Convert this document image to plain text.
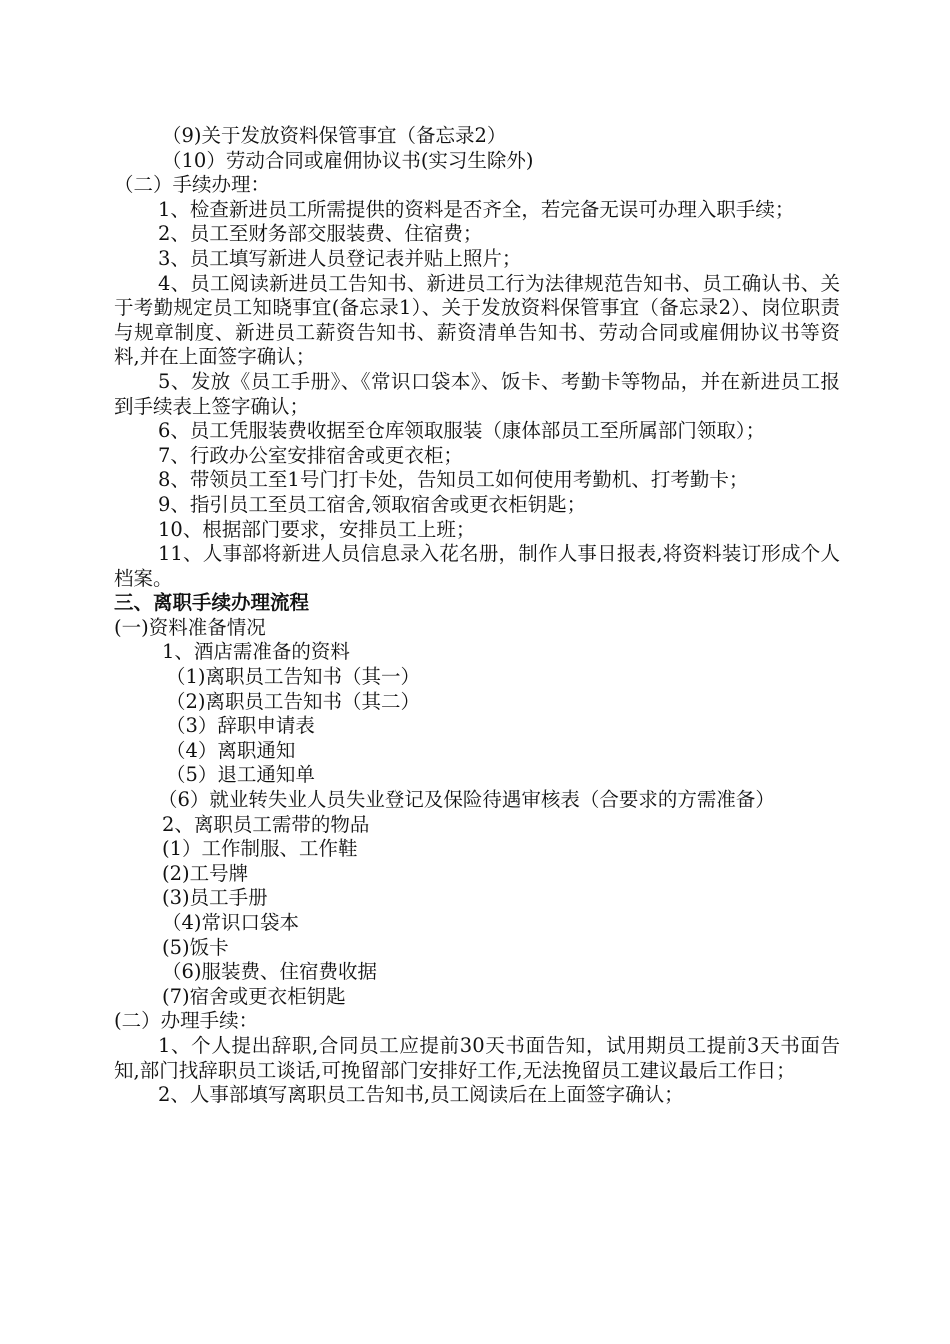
（9)关于发放资料保管事宜（备忘录2）

（10）劳动合同或雇佣协议书(实习生除外)

（二）手续办理：

1、检查新进员工所需提供的资料是否齐全，若完备无误可办理入职手续；

2、员工至财务部交服装费、住宿费；

3、员工填写新进人员登记表并贴上照片；

4、员工阅读新进员工告知书、新进员工行为法律规范告知书、员工确认书、关于考勤规定员工知晓事宜(备忘录1）、关于发放资料保管事宜（备忘录2）、岗位职责与规章制度、新进员工薪资告知书、薪资清单告知书、劳动合同或雇佣协议书等资料,并在上面签字确认；

5、发放《员工手册》、《常识口袋本》、饭卡、考勤卡等物品，并在新进员工报到手续表上签字确认；

6、员工凭服装费收据至仓库领取服装（康体部员工至所属部门领取）；

7、行政办公室安排宿舍或更衣柜；

8、带领员工至1号门打卡处，告知员工如何使用考勤机、打考勤卡；

9、指引员工至员工宿舍,领取宿舍或更衣柜钥匙；

10、根据部门要求，安排员工上班；

11、人事部将新进人员信息录入花名册，制作人事日报表,将资料装订形成个人档案。

三、离职手续办理流程

(一)资料准备情况

1、酒店需准备的资料

（1)离职员工告知书（其一）

（2)离职员工告知书（其二）

（3）辞职申请表

（4）离职通知

（5）退工通知单

（6）就业转失业人员失业登记及保险待遇审核表（合要求的方需准备）

2、离职员工需带的物品

(1）工作制服、工作鞋

(2)工号牌

(3)员工手册

（4)常识口袋本

(5)饭卡

（6)服装费、住宿费收据

(7)宿舍或更衣柜钥匙

(二）办理手续：

1、个人提出辞职,合同员工应提前30天书面告知，试用期员工提前3天书面告知,部门找辞职员工谈话,可挽留部门安排好工作,无法挽留员工建议最后工作日；

2、人事部填写离职员工告知书,员工阅读后在上面签字确认；
